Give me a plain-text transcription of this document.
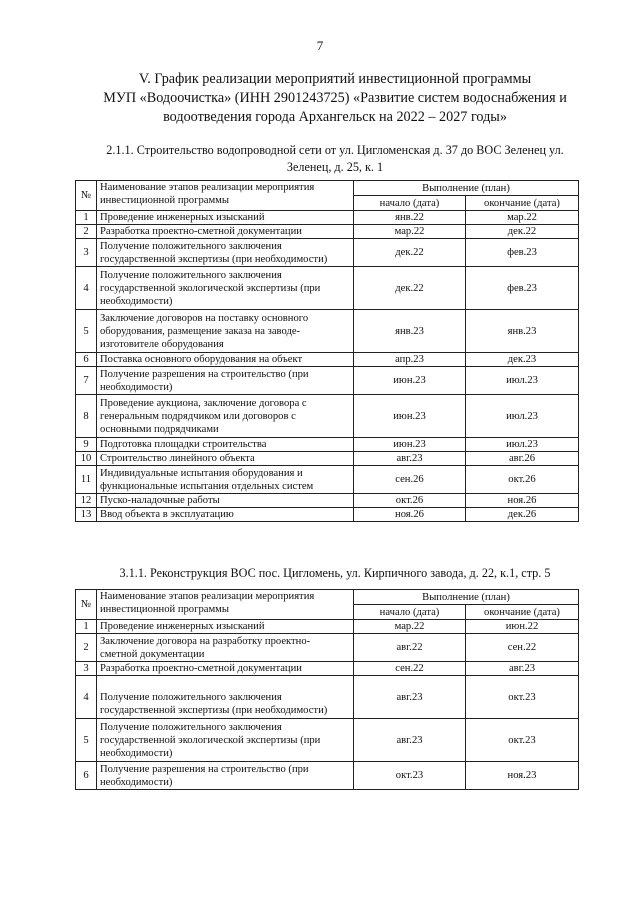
7
V. График реализации мероприятий инвестиционной программы
МУП «Водоочистка» (ИНН 2901243725) «Развитие систем водоснабжения и
водоотведения города Архангельск на 2022 – 2027 годы»
2.1.1. Строительство водопроводной сети от ул. Цигломенская д. 37 до ВОС Зеленец ул.
Зеленец, д. 25, к. 1
№	Наименование этапов реализации мероприятия
инвестиционной программы	Выполнение (план)	
		начало (дата)	окончание (дата)
1	Проведение инженерных изысканий	янв.22	мар.22
2	Разработка проектно-сметной документации	мар.22	дек.22
3	Получение положительного заключения
государственной экспертизы (при необходимости)	дек.22	фев.23
4	Получение положительного заключения
государственной экологической экспертизы (при
необходимости)	дек.22	фев.23
5	Заключение договоров на поставку основного
оборудования, размещение заказа на заводе-
изготовителе оборудования	янв.23	янв.23
6	Поставка основного оборудования на объект	апр.23	дек.23
7	Получение разрешения на строительство (при
необходимости)	июн.23	июл.23
8	Проведение аукциона, заключение договора с
генеральным подрядчиком или договоров с
основными подрядчиками	июн.23	июл.23
9	Подготовка площадки строительства	июн.23	июл.23
10	Строительство линейного объекта	авг.23	авг.26
11	Индивидуальные испытания оборудования и
функциональные испытания отдельных систем	сен.26	окт.26
12	Пуско-наладочные работы	окт.26	ноя.26
13	Ввод объекта в эксплуатацию	ноя.26	дек.26
3.1.1. Реконструкция ВОС пос. Цигломень, ул. Кирпичного завода, д. 22, к.1, стр. 5
№	Наименование этапов реализации мероприятия
инвестиционной программы	Выполнение (план)	
		начало (дата)	окончание (дата)
1	Проведение инженерных изысканий	мар.22	июн.22
2	Заключение договора на разработку проектно-
сметной документации	авг.22	сен.22
3	Разработка проектно-сметной документации	сен.22	авг.23
4	Получение положительного заключения
государственной экспертизы (при необходимости)	авг.23	окт.23
5	Получение положительного заключения
государственной экологической экспертизы (при
необходимости)	авг.23	окт.23
6	Получение разрешения на строительство (при
необходимости)	окт.23	ноя.23
